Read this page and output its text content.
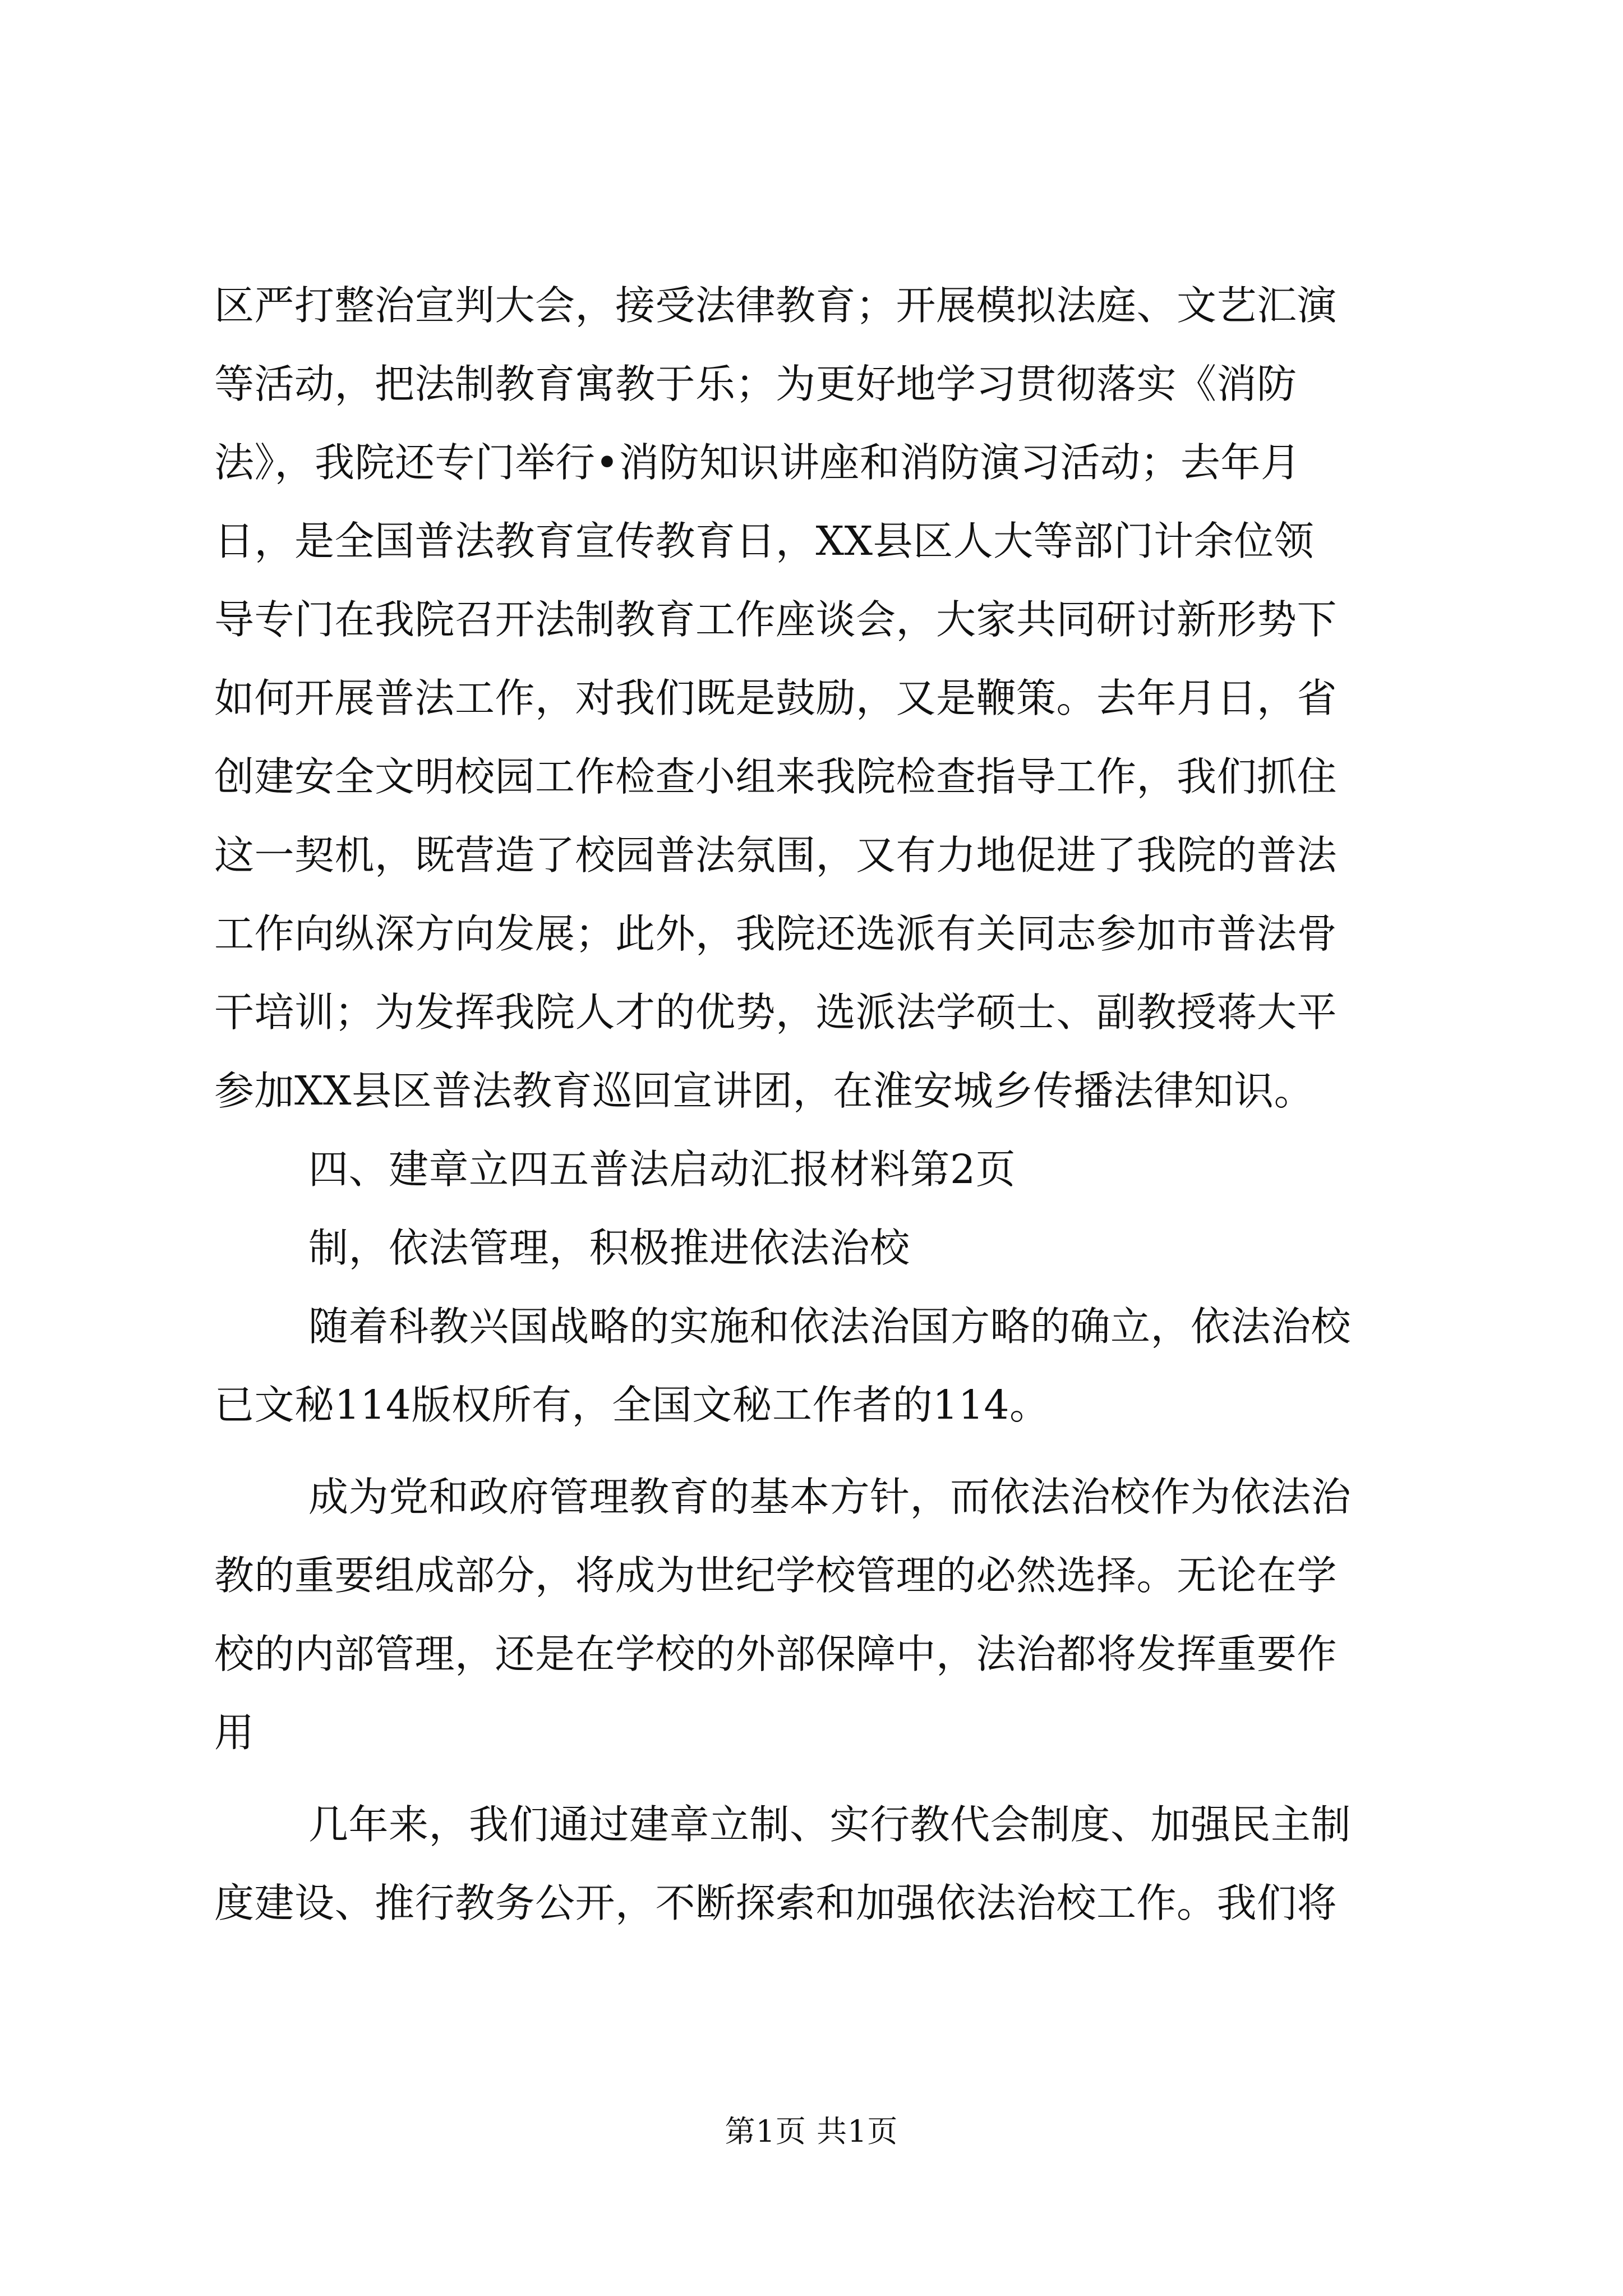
区严打整治宣判大会，接受法律教育；开展模拟法庭、文艺汇演
等活动，把法制教育寓教于乐；为更好地学习贯彻落实《消防
法》，我院还专门举行•消防知识讲座和消防演习活动；去年月
日，是全国普法教育宣传教育日，XX县区人大等部门计余位领
导专门在我院召开法制教育工作座谈会，大家共同研讨新形势下
如何开展普法工作，对我们既是鼓励，又是鞭策。去年月日，省
创建安全文明校园工作检查小组来我院检查指导工作，我们抓住
这一契机，既营造了校园普法氛围，又有力地促进了我院的普法
工作向纵深方向发展；此外，我院还选派有关同志参加市普法骨
干培训；为发挥我院人才的优势，选派法学硕士、副教授蒋大平
参加XX县区普法教育巡回宣讲团，在淮安城乡传播法律知识。
四、建章立四五普法启动汇报材料第2页
制，依法管理，积极推进依法治校
随着科教兴国战略的实施和依法治国方略的确立，依法治校
已文秘114版权所有，全国文秘工作者的114。
成为党和政府管理教育的基本方针，而依法治校作为依法治
教的重要组成部分，将成为世纪学校管理的必然选择。无论在学
校的内部管理，还是在学校的外部保障中，法治都将发挥重要作
用
几年来，我们通过建章立制、实行教代会制度、加强民主制
度建设、推行教务公开，不断探索和加强依法治校工作。我们将
第1页 共1页
